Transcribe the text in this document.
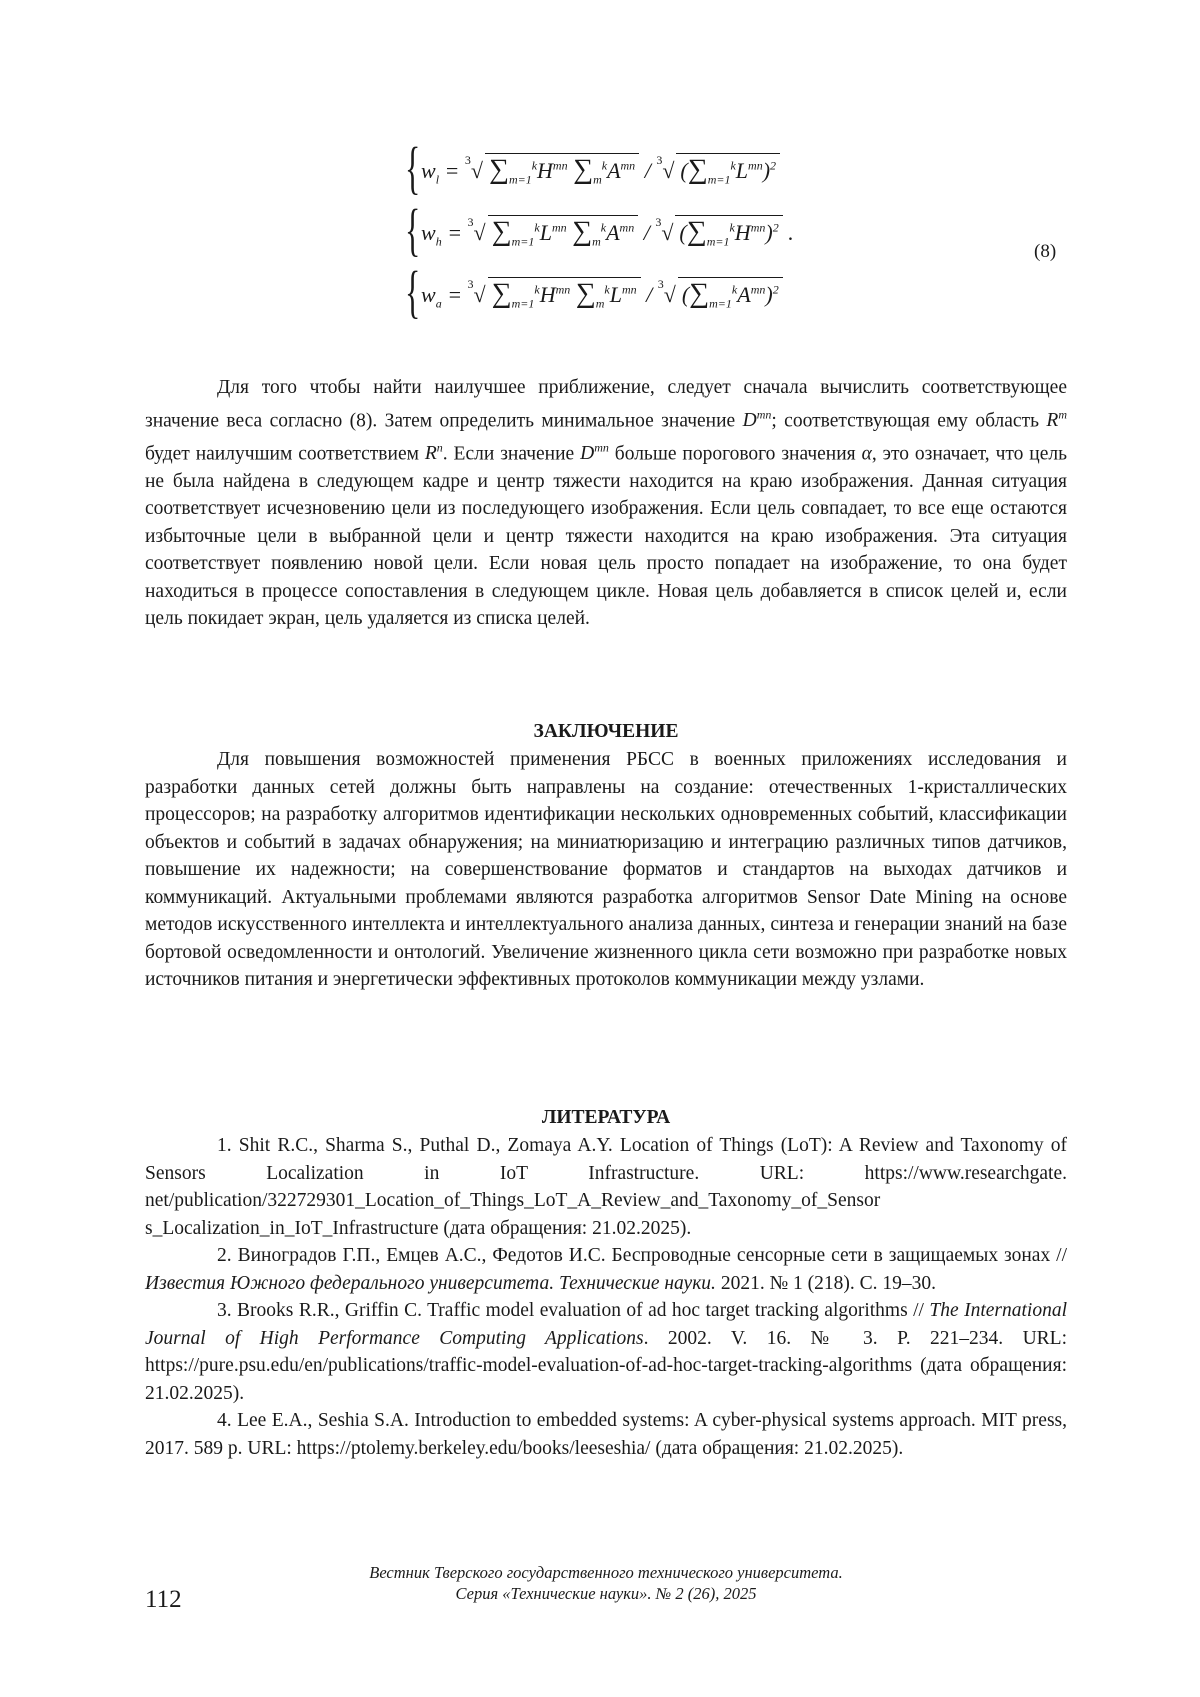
{ $w_l = ^3√$ $\sum_{m=1}^kH^{mn}$ $\sum_m^kA^{mn} / ^3√$ $(\sum_{m=1}^kL^{mn})^2$
{ $w_h = ^3√$ $\sum_{m=1}^kL^{mn}$ $\sum_m^kA^{mn} / ^3√$ $(\sum_{m=1}^kH^{mn})^2$ .
{ $w_a = ^3√$ $\sum_{m=1}^kH^{mn}$ $\sum_m^kL^{mn} / ^3√$ $(\sum_{m=1}^kA^{mn})^2$
(8)
Для того чтобы найти наилучшее приближение, следует сначала вычислить соответствующее значение веса согласно (8). Затем определить минимальное значение $D^{mn}$; соответствующая ему область $R^m$ будет наилучшим соответствием $R^n$. Если значение $D^{mn}$ больше порогового значения α, это означает, что цель не была найдена в следующем кадре и центр тяжести находится на краю изображения. Данная ситуация соответствует исчезновению цели из последующего изображения. Если цель совпадает, то все еще остаются избыточные цели в выбранной цели и центр тяжести находится на краю изображения. Эта ситуация соответствует появлению новой цели. Если новая цель просто попадает на изображение, то она будет находиться в процессе сопоставления в следующем цикле. Новая цель добавляется в список целей и, если цель покидает экран, цель удаляется из списка целей.
ЗАКЛЮЧЕНИЕ
Для повышения возможностей применения РБСС в военных приложениях исследования и разработки данных сетей должны быть направлены на создание: отечественных 1-кристаллических процессоров; на разработку алгоритмов идентификации нескольких одновременных событий, классификации объектов и событий в задачах обнаружения; на миниатюризацию и интеграцию различных типов датчиков, повышение их надежности; на совершенствование форматов и стандартов на выходах датчиков и коммуникаций. Актуальными проблемами являются разработка алгоритмов Sensor Date Mining на основе методов искусственного интеллекта и интеллектуального анализа данных, синтеза и генерации знаний на базе бортовой осведомленности и онтологий. Увеличение жизненного цикла сети возможно при разработке новых источников питания и энергетически эффективных протоколов коммуникации между узлами.
ЛИТЕРАТУРА

1. Shit R.C., Sharma S., Puthal D., Zomaya A.Y. Location of Things (LoT): A Review and Taxonomy of Sensors Localization in IoT Infrastructure. URL: https://www.researchgate. net/publication/322729301_Location_of_Things_LoT_A_Review_and_Taxonomy_of_Sensor s_Localization_in_IoT_Infrastructure (дата обращения: 21.02.2025).

2. Виноградов Г.П., Емцев А.С., Федотов И.С. Беспроводные сенсорные сети в защищаемых зонах // Известия Южного федерального университета. Технические науки. 2021. № 1 (218). С. 19–30.

3. Brooks R.R., Griffin C. Traffic model evaluation of ad hoc target tracking algorithms // The International Journal of High Performance Computing Applications. 2002. V. 16. № 3. P. 221–234. URL: https://pure.psu.edu/en/publications/traffic-model-evaluation-of-ad-hoc-target-tracking-algorithms (дата обращения: 21.02.2025).

4. Lee E.A., Seshia S.A. Introduction to embedded systems: A cyber-physical systems approach. MIT press, 2017. 589 p. URL: https://ptolemy.berkeley.edu/books/leeseshia/ (дата обращения: 21.02.2025).

Вестник Тверского государственного технического университета.
Серия «Технические науки». № 2 (26), 2025
112
